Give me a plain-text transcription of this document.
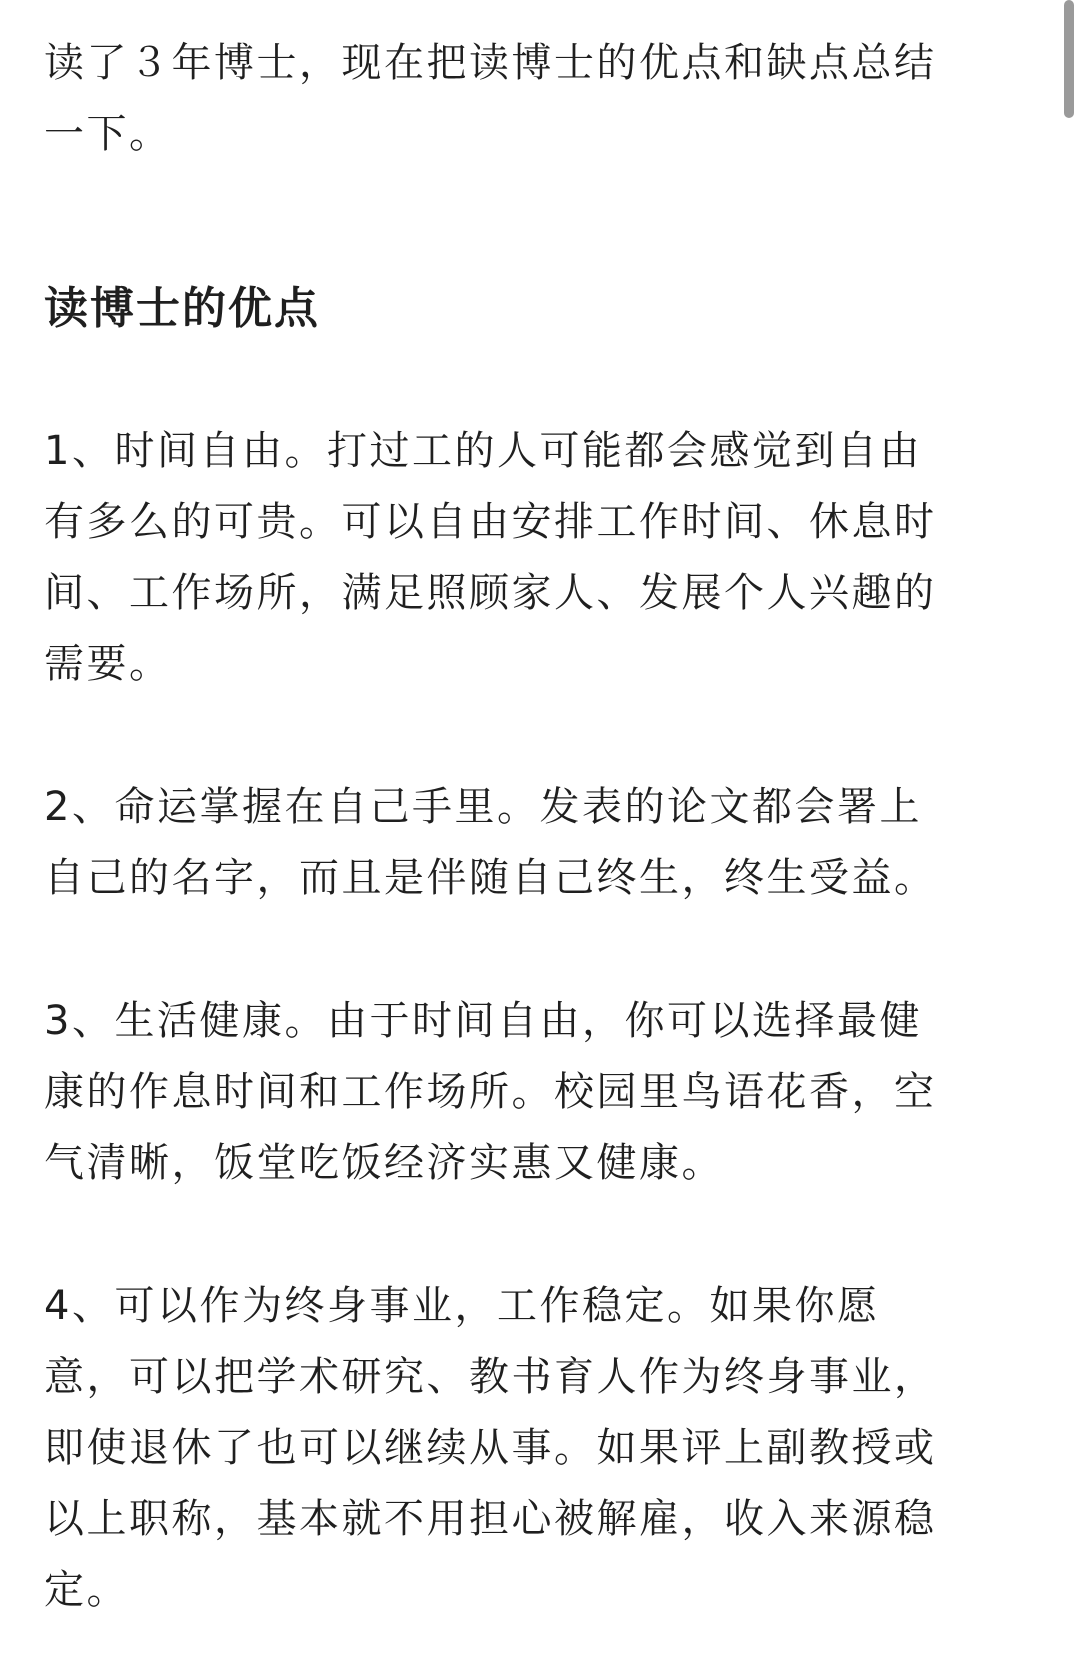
读了３年博士，现在把读博士的优点和缺点总结
一下。

读博士的优点

1、时间自由。打过工的人可能都会感觉到自由
有多么的可贵。可以自由安排工作时间、休息时
间、工作场所，满足照顾家人、发展个人兴趣的
需要。

2、命运掌握在自己手里。发表的论文都会署上
自己的名字，而且是伴随自己终生，终生受益。

3、生活健康。由于时间自由，你可以选择最健
康的作息时间和工作场所。校园里鸟语花香，空
气清晰，饭堂吃饭经济实惠又健康。

4、可以作为终身事业，工作稳定。如果你愿
意，可以把学术研究、教书育人作为终身事业，
即使退休了也可以继续从事。如果评上副教授或
以上职称，基本就不用担心被解雇，收入来源稳
定。
